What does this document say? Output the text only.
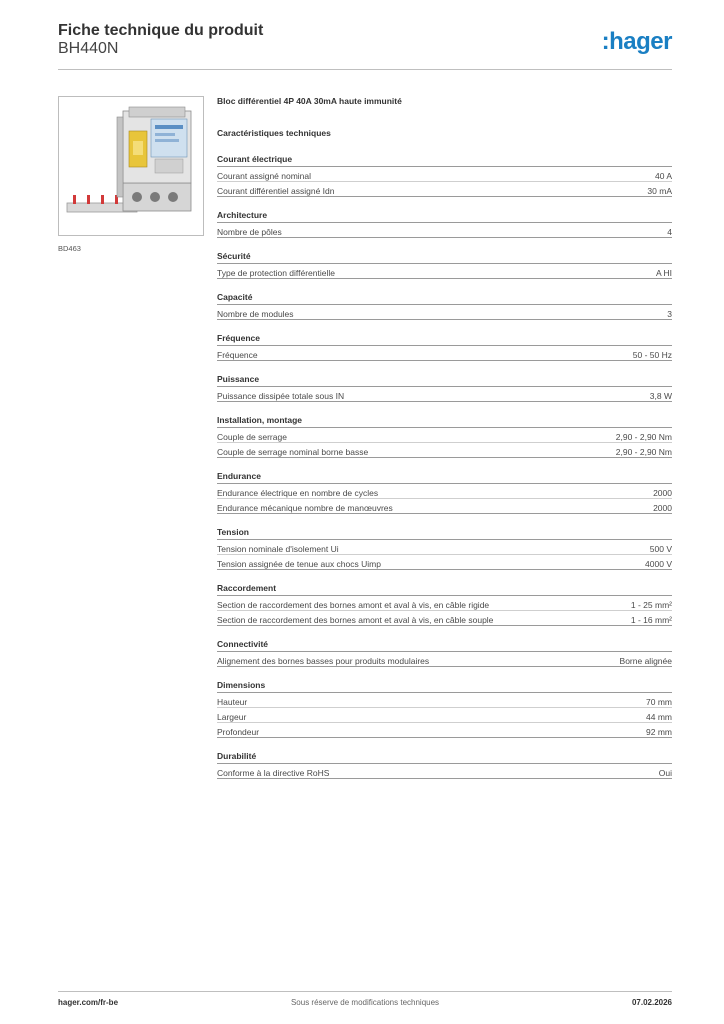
Fiche technique du produit
BH440N	:hager
BD463
Bloc différentiel 4P 40A 30mA haute immunité
Caractéristiques techniques
Courant électrique
Courant assigné nominal	40 A
Courant différentiel assigné Idn	30 mA
Architecture
Nombre de pôles	4
Sécurité
Type de protection différentielle	A HI
Capacité
Nombre de modules	3
Fréquence
Fréquence	50 - 50 Hz
Puissance
Puissance dissipée totale sous IN	3,8 W
Installation, montage
Couple de serrage	2,90 - 2,90 Nm
Couple de serrage nominal borne basse	2,90 - 2,90 Nm
Endurance
Endurance électrique en nombre de cycles	2000
Endurance mécanique nombre de manœuvres	2000
Tension
Tension nominale d'isolement Ui	500 V
Tension assignée de tenue aux chocs Uimp	4000 V
Raccordement
Section de raccordement des bornes amont et aval à vis, en câble rigide	1 - 25 mm²
Section de raccordement des bornes amont et aval à vis, en câble souple	1 - 16 mm²
Connectivité
Alignement des bornes basses pour produits modulaires	Borne alignée
Dimensions
Hauteur	70 mm
Largeur	44 mm
Profondeur	92 mm
Durabilité
Conforme à la directive RoHS	Oui
hager.com/fr-be	Sous réserve de modifications techniques	07.02.2026
